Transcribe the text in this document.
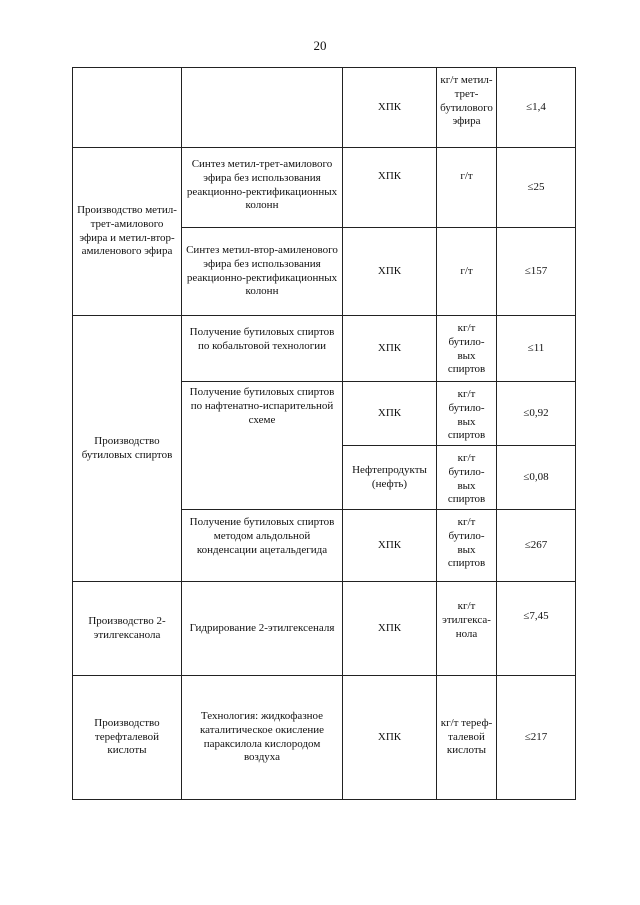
20
		ХПК	кг/т метил-трет-бутилового эфира	≤1,4
Производство метил-трет-амилового эфира и метил-втор-амиленового эфира	Синтез метил-трет-амилового эфира без использования реакционно-ректификационных колонн	ХПК	г/т	≤25
	Синтез метил-втор-амиленового эфира без использования реакционно-ректификационных колонн	ХПК	г/т	≤157
Производство бутиловых спиртов	Получение бутиловых спиртов по кобальтовой технологии	ХПК	кг/т бутило-вых спиртов	≤11
	Получение бутиловых спиртов по нафтенатно-испарительной схеме	ХПК	кг/т бутило-вых спиртов	≤0,92
		Нефтепродукты (нефть)	кг/т бутило-вых спиртов	≤0,08
	Получение бутиловых спиртов методом альдольной конденсации ацетальдегида	ХПК	кг/т бутило-вых спиртов	≤267
Производство 2-этилгексанола	Гидрирование 2-этилгексеналя	ХПК	кг/т этилгекса-нола	≤7,45
Производство терефталевой кислоты	Технология: жидкофазное каталитическое окисление параксилола кислородом воздуха	ХПК	кг/т тереф-талевой кислоты	≤217
